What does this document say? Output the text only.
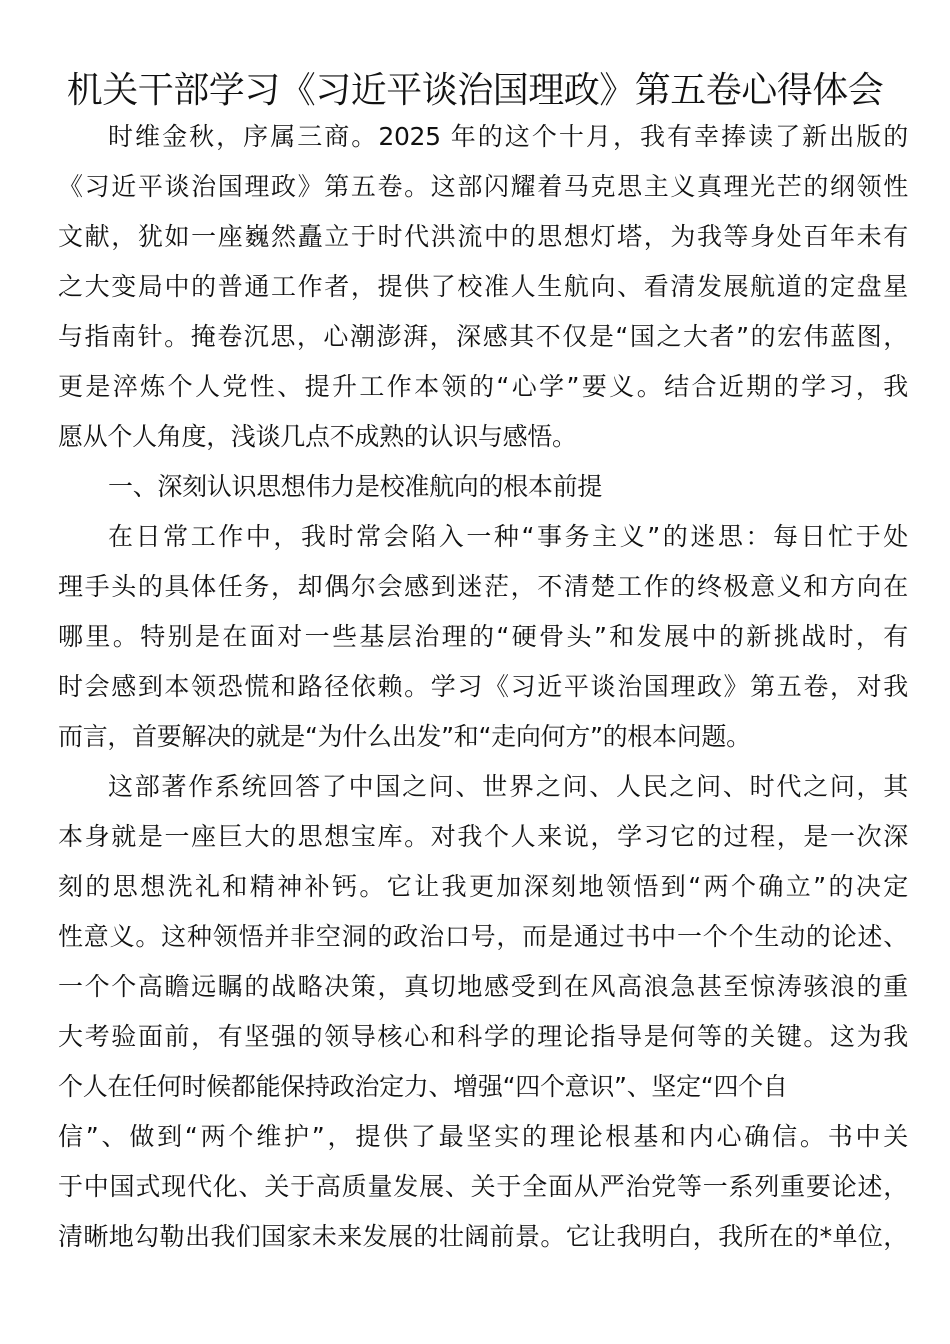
机关干部学习《习近平谈治国理政》第五卷心得体会
时维金秋，序属三商。2025 年的这个十月，我有幸捧读了新出版的
《习近平谈治国理政》第五卷。这部闪耀着马克思主义真理光芒的纲领性
文献，犹如一座巍然矗立于时代洪流中的思想灯塔，为我等身处百年未有
之大变局中的普通工作者，提供了校准人生航向、看清发展航道的定盘星
与指南针。掩卷沉思，心潮澎湃，深感其不仅是“国之大者”的宏伟蓝图，
更是淬炼个人党性、提升工作本领的“心学”要义。结合近期的学习，我
愿从个人角度，浅谈几点不成熟的认识与感悟。
一、深刻认识思想伟力是校准航向的根本前提
在日常工作中，我时常会陷入一种“事务主义”的迷思：每日忙于处
理手头的具体任务，却偶尔会感到迷茫，不清楚工作的终极意义和方向在
哪里。特别是在面对一些基层治理的“硬骨头”和发展中的新挑战时，有
时会感到本领恐慌和路径依赖。学习《习近平谈治国理政》第五卷，对我
而言，首要解决的就是“为什么出发”和“走向何方”的根本问题。
这部著作系统回答了中国之问、世界之问、人民之问、时代之问，其
本身就是一座巨大的思想宝库。对我个人来说，学习它的过程，是一次深
刻的思想洗礼和精神补钙。它让我更加深刻地领悟到“两个确立”的决定
性意义。这种领悟并非空洞的政治口号，而是通过书中一个个生动的论述、
一个个高瞻远瞩的战略决策，真切地感受到在风高浪急甚至惊涛骇浪的重
大考验面前，有坚强的领导核心和科学的理论指导是何等的关键。这为我
个人在任何时候都能保持政治定力、增强“四个意识”、坚定“四个自
信”、做到“两个维护”，提供了最坚实的理论根基和内心确信。书中关
于中国式现代化、关于高质量发展、关于全面从严治党等一系列重要论述，
清晰地勾勒出我们国家未来发展的壮阔前景。它让我明白，我所在的*单位，
